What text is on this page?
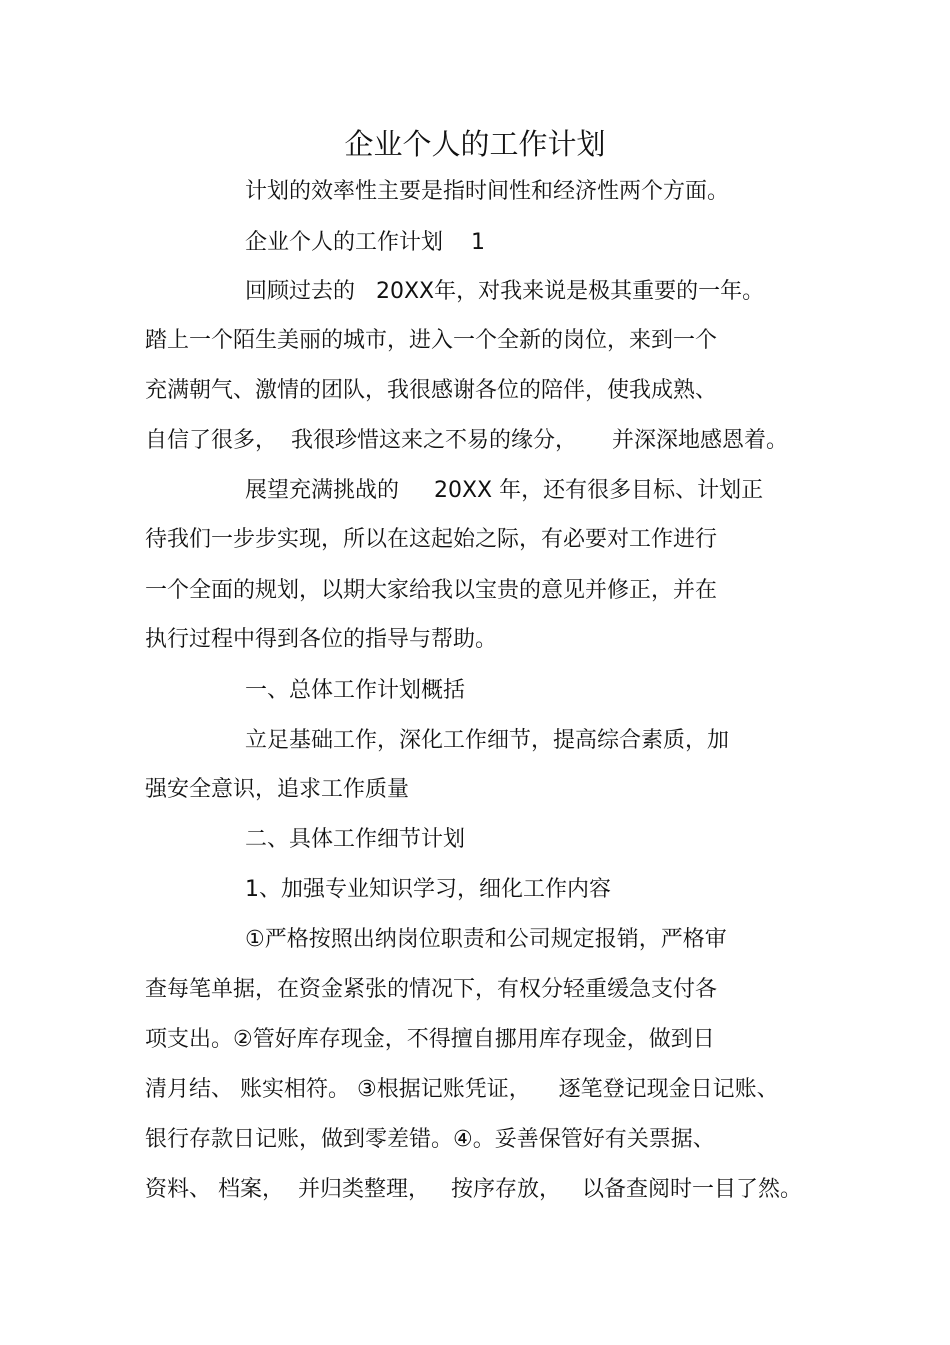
企业个人的工作计划
计划的效率性主要是指时间性和经济性两个方面。
企业个人的工作计划    1
回顾过去的   20XX年，对我来说是极其重要的一年。
踏上一个陌生美丽的城市，进入一个全新的岗位，来到一个
充满朝气、激情的团队，我很感谢各位的陪伴，使我成熟、
自信了很多，  我很珍惜这来之不易的缘分，     并深深地感恩着。
展望充满挑战的     20XX 年，还有很多目标、计划正
待我们一步步实现，所以在这起始之际，有必要对工作进行
一个全面的规划，以期大家给我以宝贵的意见并修正，并在
执行过程中得到各位的指导与帮助。
一、总体工作计划概括
立足基础工作，深化工作细节，提高综合素质，加
强安全意识，追求工作质量
二、具体工作细节计划
1、加强专业知识学习，细化工作内容
①严格按照出纳岗位职责和公司规定报销，严格审
查每笔单据，在资金紧张的情况下，有权分轻重缓急支付各
项支出。②管好库存现金，不得擅自挪用库存现金，做到日
清月结、 账实相符。 ③根据记账凭证，    逐笔登记现金日记账、
银行存款日记账，做到零差错。④。妥善保管好有关票据、
资料、 档案，  并归类整理，   按序存放，   以备查阅时一目了然。
